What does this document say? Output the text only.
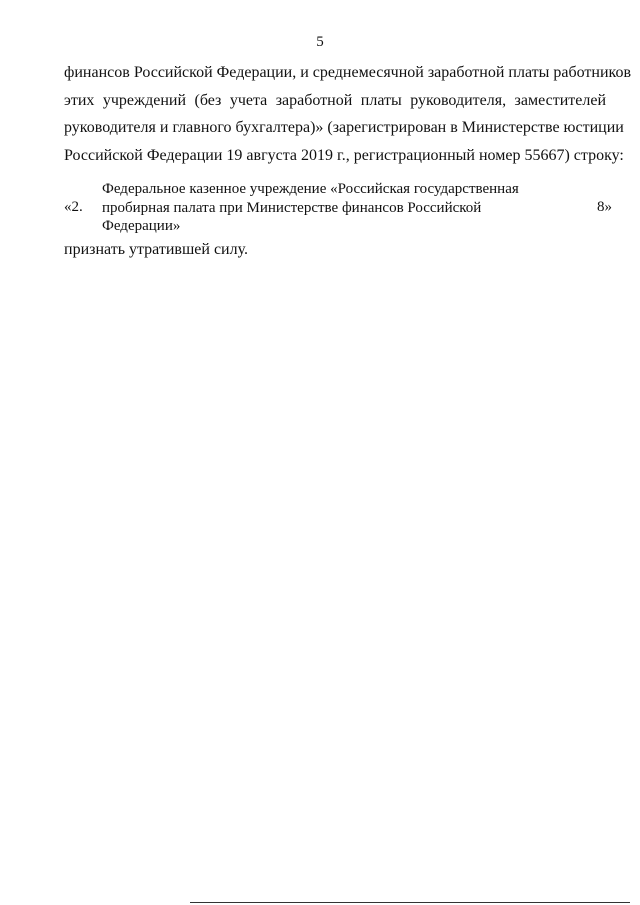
5
финансов Российской Федерации, и среднемесячной заработной платы работников
этих учреждений (без учета заработной платы руководителя, заместителей
руководителя и главного бухгалтера)» (зарегистрирован в Министерстве юстиции
Российской Федерации 19 августа 2019 г., регистрационный номер 55667) строку:
«2.
Федеральное казенное учреждение «Российская государственная
пробирная палата при Министерстве финансов Российской
Федерации»
8»
признать утратившей силу.
